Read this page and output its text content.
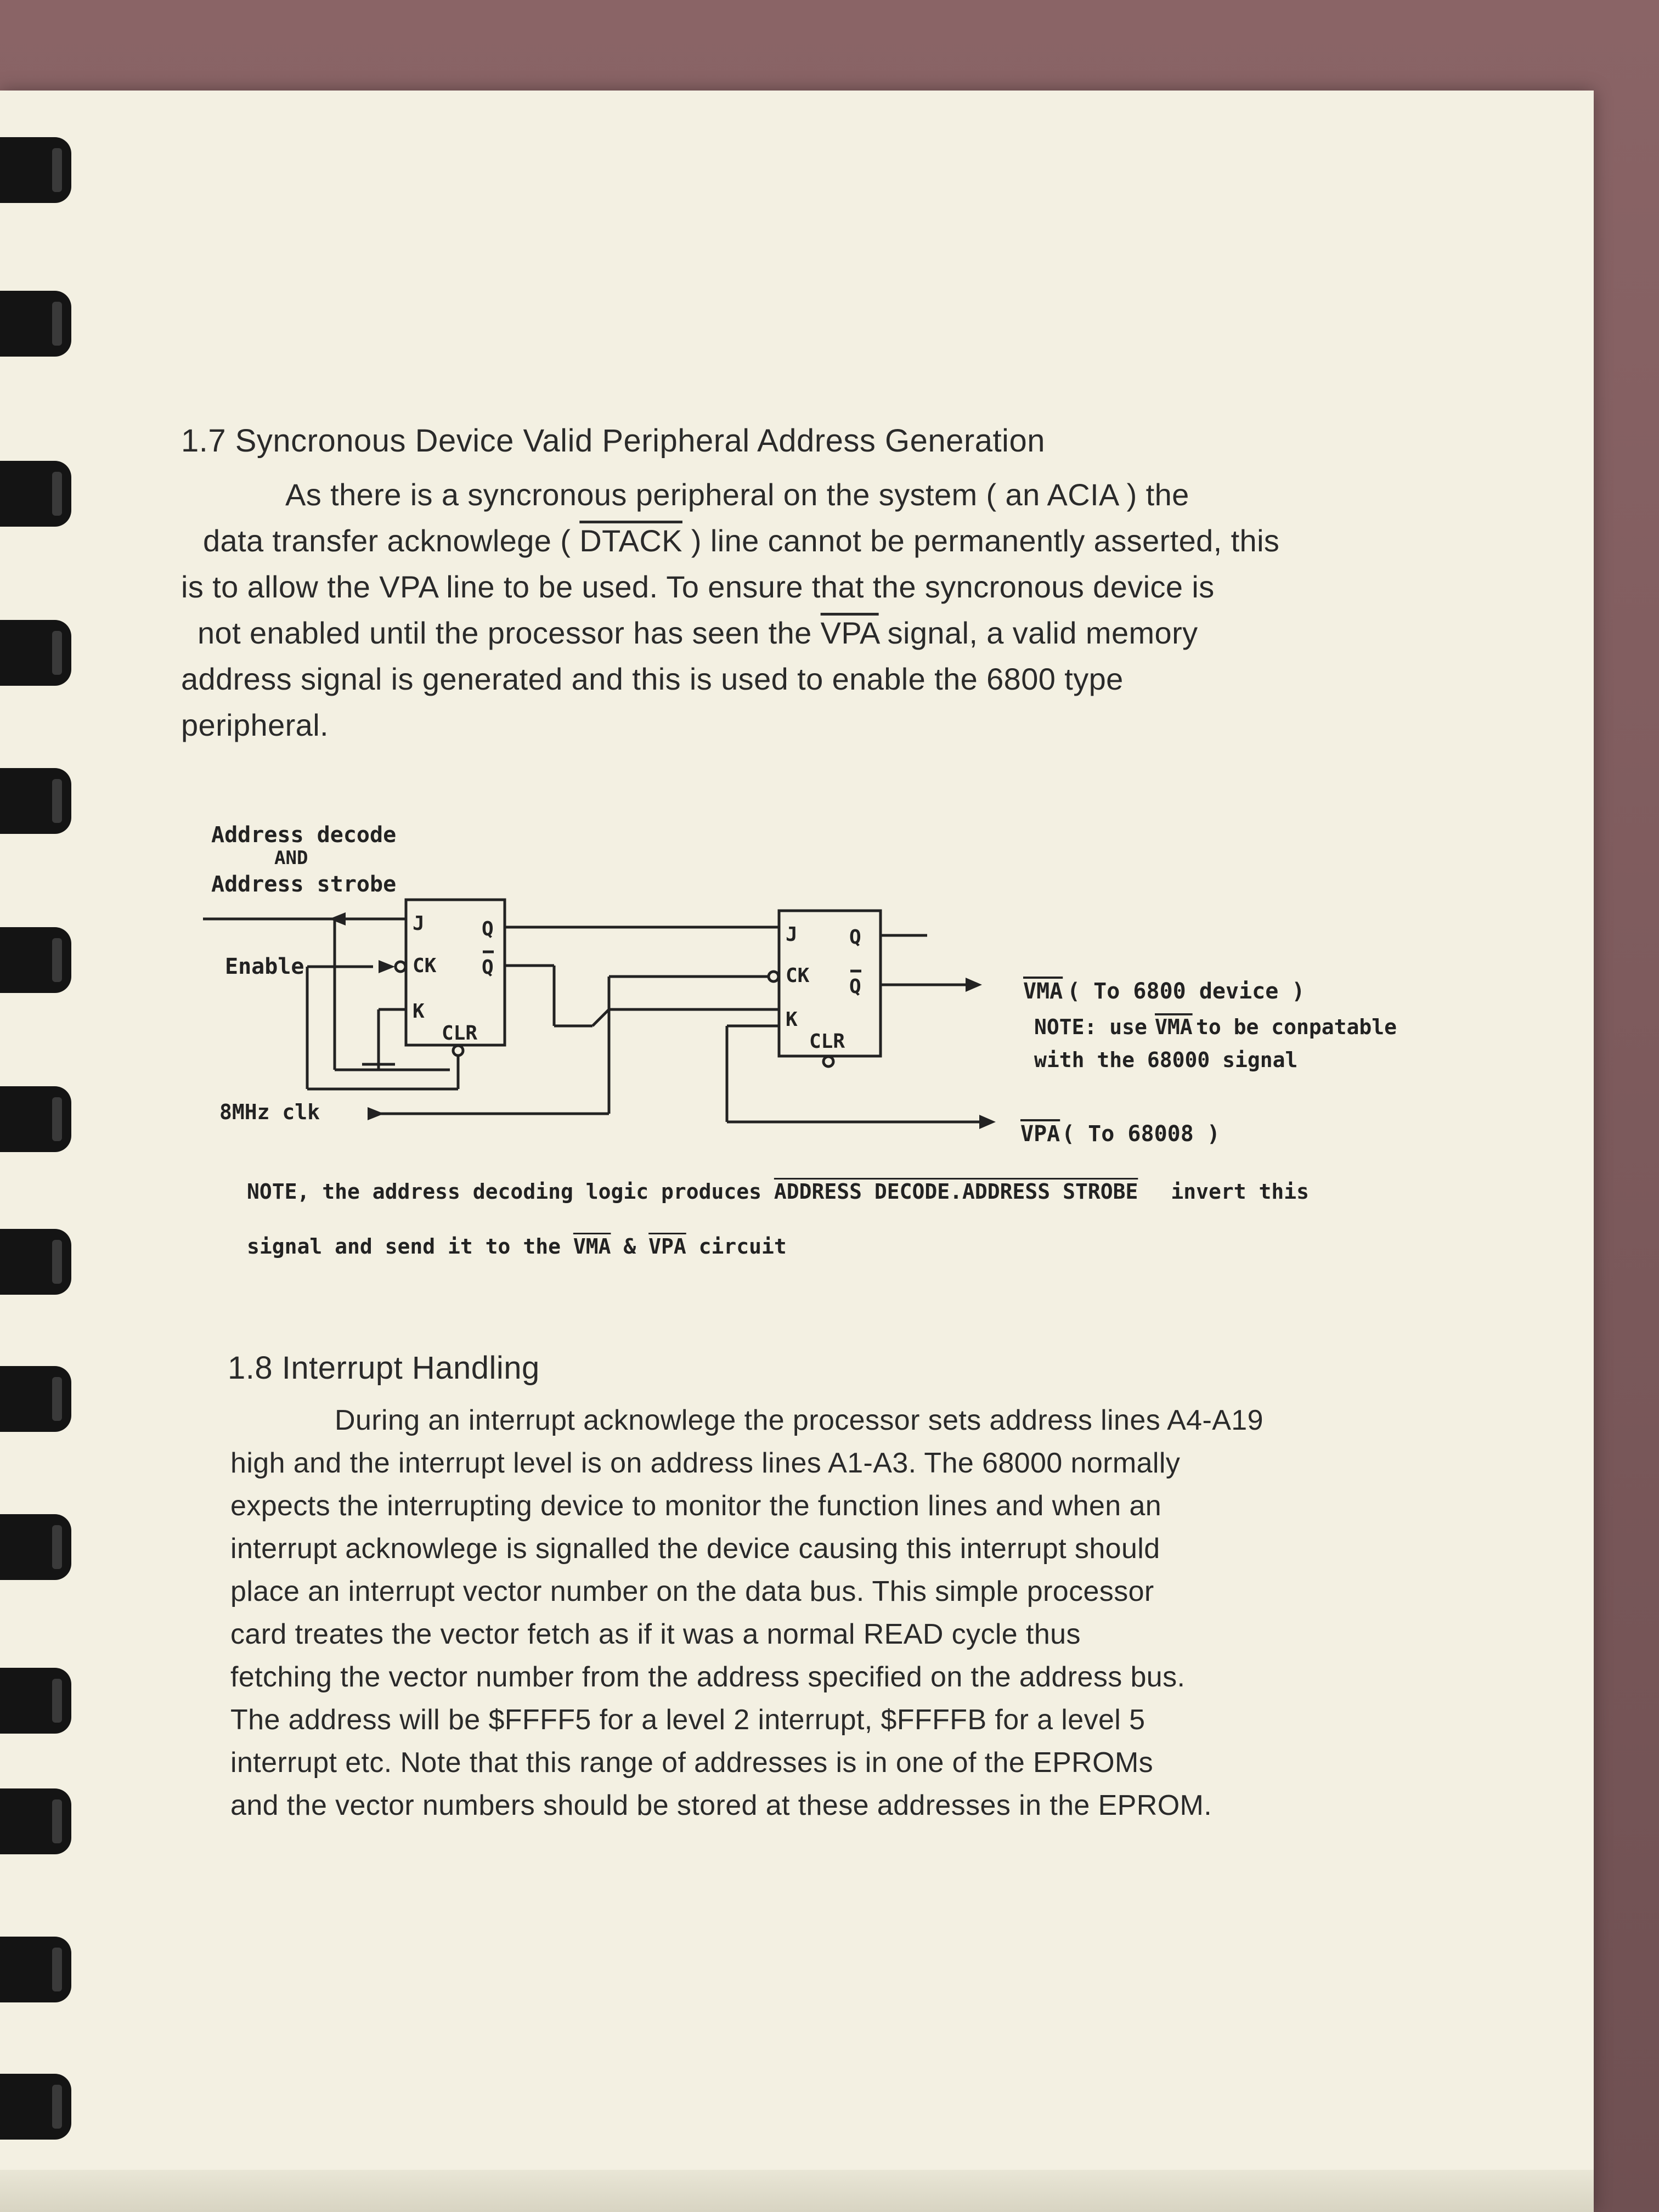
1.7 Syncronous Device Valid Peripheral Address Generation
As there is a syncronous peripheral on the system ( an ACIA ) the
data transfer acknowlege ( DTACK ) line cannot be permanently asserted, this
is to allow the VPA line to be used. To ensure that the syncronous device is
not enabled until the processor has seen the $\overline{VPA}$ signal, a valid memory
address signal is generated and this is used to enable the 6800 type
peripheral.
Address decode
AND
Address strobe
Enable
8MHz clk
J
CK
K
Q
Q
CLR
J
CK
K
Q
Q
CLR
VMA ( To 6800 device )
NOTE: use VMA to be conpatable
with the 68000 signal
VPA ( To 68008 )
NOTE, the address decoding logic produces ADDRESS DECODE.ADDRESS STROBE invert this
signal and send it to the $\overline{VMA}$ & $\overline{VPA}$ circuit
1.8 Interrupt Handling
During an interrupt acknowlege the processor sets address lines A4-A19
high and the interrupt level is on address lines A1-A3. The 68000 normally
expects the interrupting device to monitor the function lines and when an
interrupt acknowlege is signalled the device causing this interrupt should
place an interrupt vector number on the data bus. This simple processor
card treates the vector fetch as if it was a normal READ cycle thus
fetching the vector number from the address specified on the address bus.
The address will be $FFFF5 for a level 2 interrupt, $FFFFB for a level 5
interrupt etc. Note that this range of addresses is in one of the EPROMs
and the vector numbers should be stored at these addresses in the EPROM.
